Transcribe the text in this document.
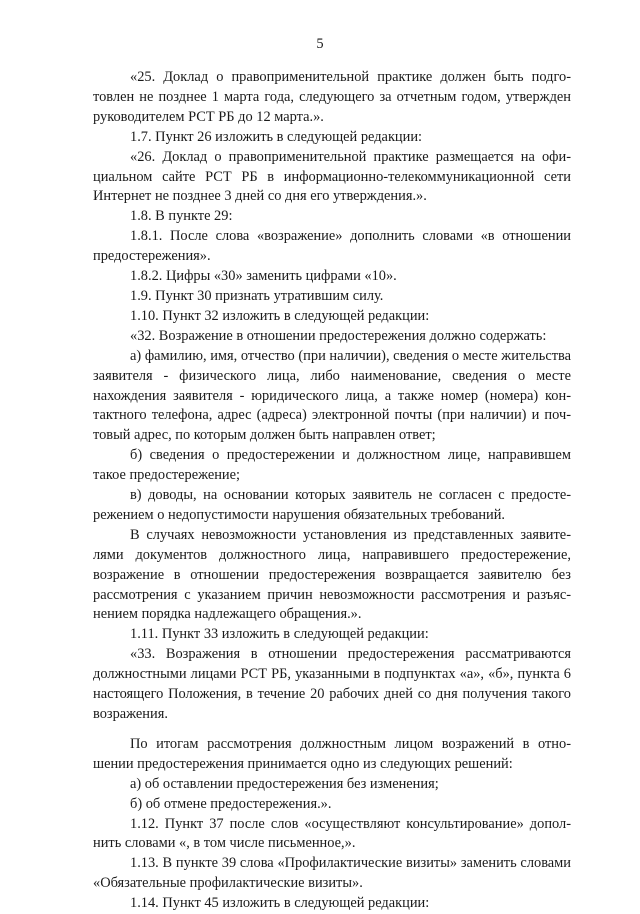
5

«25. Доклад о правоприменительной практике должен быть подготовлен не позднее 1 марта года, следующего за отчетным годом, утвержден руководителем РСТ РБ до 12 марта.».

1.7. Пункт 26 изложить в следующей редакции:

«26. Доклад о правоприменительной практике размещается на официальном сайте РСТ РБ в информационно-телекоммуникационной сети Интернет не позднее 3 дней со дня его утверждения.».

1.8. В пункте 29:

1.8.1. После слова «возражение» дополнить словами «в отношении предостережения».

1.8.2. Цифры «30» заменить цифрами «10».

1.9. Пункт 30 признать утратившим силу.

1.10. Пункт 32 изложить в следующей редакции:

«32. Возражение в отношении предостережения должно содержать:

а) фамилию, имя, отчество (при наличии), сведения о месте жительства заявителя - физического лица, либо наименование, сведения о месте нахождения заявителя - юридического лица, а также номер (номера) контактного телефона, адрес (адреса) электронной почты (при наличии) и почтовый адрес, по которым должен быть направлен ответ;

б) сведения о предостережении и должностном лице, направившем такое предостережение;

в) доводы, на основании которых заявитель не согласен с предостережением о недопустимости нарушения обязательных требований.

В случаях невозможности установления из представленных заявителями документов должностного лица, направившего предостережение, возражение в отношении предостережения возвращается заявителю без рассмотрения с указанием причин невозможности рассмотрения и разъяснением порядка надлежащего обращения.».

1.11. Пункт 33 изложить в следующей редакции:

«33. Возражения в отношении предостережения рассматриваются должностными лицами РСТ РБ, указанными в подпунктах «а», «б», пункта 6 настоящего Положения, в течение 20 рабочих дней со дня получения такого возражения.

По итогам рассмотрения должностным лицом возражений в отношении предостережения принимается одно из следующих решений:

а) об оставлении предостережения без изменения;

б) об отмене предостережения.».

1.12. Пункт 37 после слов «осуществляют консультирование» дополнить словами «, в том числе письменное,».

1.13. В пункте 39 слова «Профилактические визиты» заменить словами «Обязательные профилактические визиты».

1.14. Пункт 45 изложить в следующей редакции:
